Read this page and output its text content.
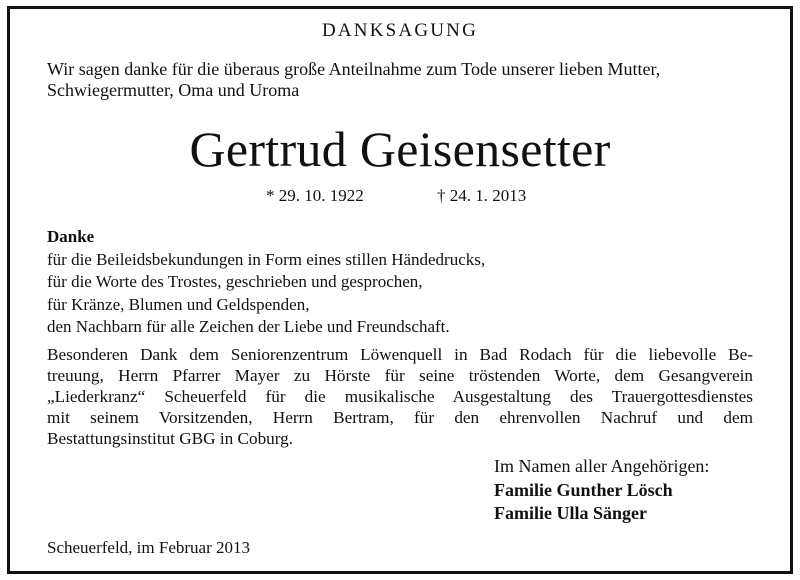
DANKSAGUNG
Wir sagen danke für die überaus große Anteilnahme zum Tode unserer lieben Mutter,
Schwiegermutter, Oma und Uroma
Gertrud Geisensetter
* 29. 10. 1922	† 24. 1. 2013
Danke
für die Beileidsbekundungen in Form eines stillen Händedrucks,
für die Worte des Trostes, geschrieben und gesprochen,
für Kränze, Blumen und Geldspenden,
den Nachbarn für alle Zeichen der Liebe und Freundschaft.
Besonderen Dank dem Seniorenzentrum Löwenquell in Bad Rodach für die liebevolle Be-
treuung, Herrn Pfarrer Mayer zu Hörste für seine tröstenden Worte, dem Gesangverein
„Liederkranz“ Scheuerfeld für die musikalische Ausgestaltung des Trauergottesdienstes
mit seinem Vorsitzenden, Herrn Bertram, für den ehrenvollen Nachruf und dem
Bestattungsinstitut GBG in Coburg.
Im Namen aller Angehörigen:
Familie Gunther Lösch
Familie Ulla Sänger
Scheuerfeld, im Februar 2013
